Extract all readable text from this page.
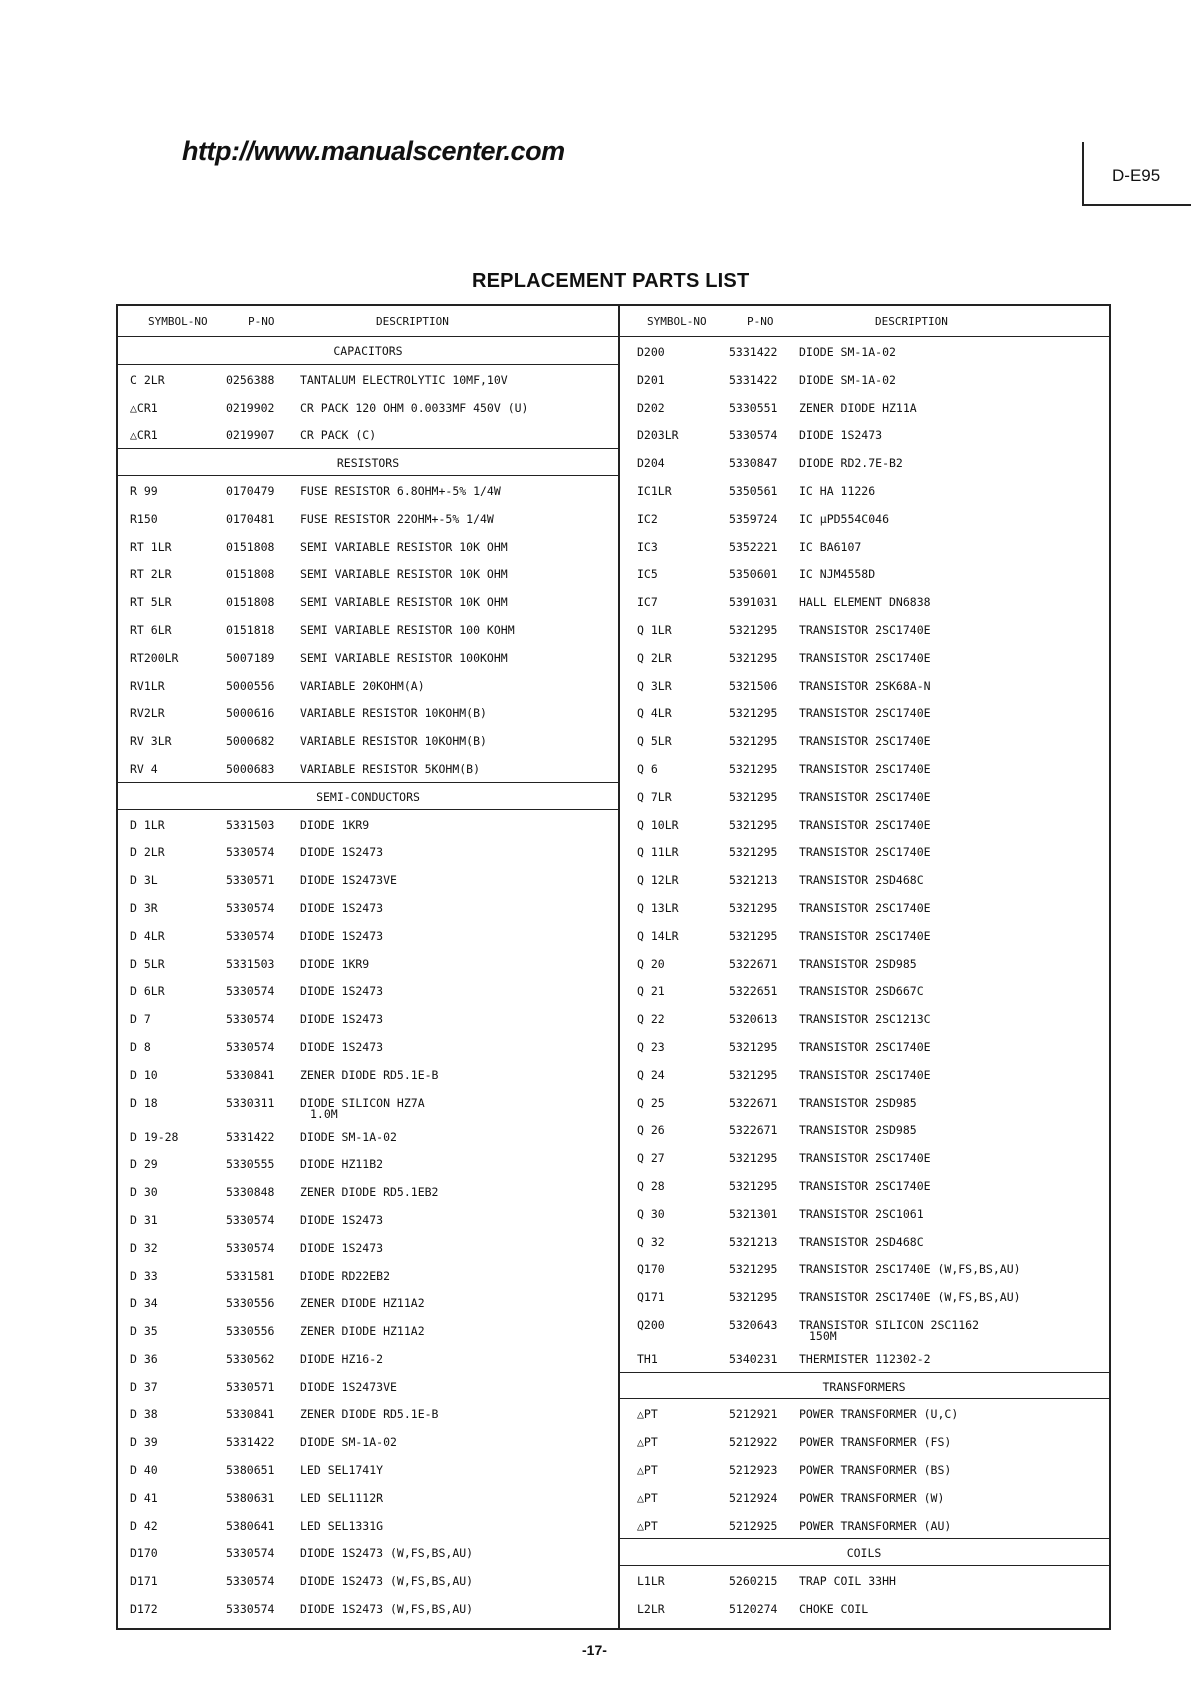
http://www.manualscenter.com
D-E95
REPLACEMENT PARTS LIST
SYMBOL-NO	P-NO	DESCRIPTION
CAPACITORS
C 2LR	0256388 TANTALUM ELECTROLYTIC 10MF,10V
△CR1	0219902 CR PACK 120 OHM 0.0033MF 450V (U)
△CR1	0219907 CR PACK (C)
RESISTORS
R 99	0170479 FUSE RESISTOR 6.8OHM+-5% 1/4W
R150	0170481 FUSE RESISTOR 22OHM+-5% 1/4W
RT 1LR	0151808 SEMI VARIABLE RESISTOR 10K OHM
RT 2LR	0151808 SEMI VARIABLE RESISTOR 10K OHM
RT 5LR	0151808 SEMI VARIABLE RESISTOR 10K OHM
RT 6LR	0151818 SEMI VARIABLE RESISTOR 100 KOHM
RT200LR	5007189 SEMI VARIABLE RESISTOR 100KOHM
RV1LR	5000556 VARIABLE 20KOHM(A)
RV2LR	5000616 VARIABLE RESISTOR 10KOHM(B)
RV 3LR	5000682 VARIABLE RESISTOR 10KOHM(B)
RV 4	5000683 VARIABLE RESISTOR 5KOHM(B)
SEMI-CONDUCTORS
D 1LR	5331503 DIODE 1KR9
D 2LR	5330574 DIODE 1S2473
D 3L	5330571 DIODE 1S2473VE
D 3R	5330574 DIODE 1S2473
D 4LR	5330574 DIODE 1S2473
D 5LR	5331503 DIODE 1KR9
D 6LR	5330574 DIODE 1S2473
D 7	5330574 DIODE 1S2473
D 8	5330574 DIODE 1S2473
D 10	5330841 ZENER DIODE RD5.1E-B
D 18	5330311 DIODE SILICON HZ7A
1.0M
D 19-28	5331422 DIODE SM-1A-02
D 29	5330555 DIODE HZ11B2
D 30	5330848 ZENER DIODE RD5.1EB2
D 31	5330574 DIODE 1S2473
D 32	5330574 DIODE 1S2473
D 33	5331581 DIODE RD22EB2
D 34	5330556 ZENER DIODE HZ11A2
D 35	5330556 ZENER DIODE HZ11A2
D 36	5330562 DIODE HZ16-2
D 37	5330571 DIODE 1S2473VE
D 38	5330841 ZENER DIODE RD5.1E-B
D 39	5331422 DIODE SM-1A-02
D 40	5380651 LED SEL1741Y
D 41	5380631 LED SEL1112R
D 42	5380641 LED SEL1331G
D170	5330574 DIODE 1S2473 (W,FS,BS,AU)
D171	5330574 DIODE 1S2473 (W,FS,BS,AU)
D172	5330574 DIODE 1S2473 (W,FS,BS,AU)
SYMBOL-NO	P-NO	DESCRIPTION
D200	5331422 DIODE SM-1A-02
D201	5331422 DIODE SM-1A-02
D202	5330551 ZENER DIODE HZ11A
D203LR	5330574 DIODE 1S2473
D204	5330847 DIODE RD2.7E-B2
IC1LR	5350561 IC HA 11226
IC2	5359724 IC μPD554C046
IC3	5352221 IC BA6107
IC5	5350601 IC NJM4558D
IC7	5391031 HALL ELEMENT DN6838
Q 1LR	5321295 TRANSISTOR 2SC1740E
Q 2LR	5321295 TRANSISTOR 2SC1740E
Q 3LR	5321506 TRANSISTOR 2SK68A-N
Q 4LR	5321295 TRANSISTOR 2SC1740E
Q 5LR	5321295 TRANSISTOR 2SC1740E
Q 6	5321295 TRANSISTOR 2SC1740E
Q 7LR	5321295 TRANSISTOR 2SC1740E
Q 10LR	5321295 TRANSISTOR 2SC1740E
Q 11LR	5321295 TRANSISTOR 2SC1740E
Q 12LR	5321213 TRANSISTOR 2SD468C
Q 13LR	5321295 TRANSISTOR 2SC1740E
Q 14LR	5321295 TRANSISTOR 2SC1740E
Q 20	5322671 TRANSISTOR 2SD985
Q 21	5322651 TRANSISTOR 2SD667C
Q 22	5320613 TRANSISTOR 2SC1213C
Q 23	5321295 TRANSISTOR 2SC1740E
Q 24	5321295 TRANSISTOR 2SC1740E
Q 25	5322671 TRANSISTOR 2SD985
Q 26	5322671 TRANSISTOR 2SD985
Q 27	5321295 TRANSISTOR 2SC1740E
Q 28	5321295 TRANSISTOR 2SC1740E
Q 30	5321301 TRANSISTOR 2SC1061
Q 32	5321213 TRANSISTOR 2SD468C
Q170	5321295 TRANSISTOR 2SC1740E (W,FS,BS,AU)
Q171	5321295 TRANSISTOR 2SC1740E (W,FS,BS,AU)
Q200	5320643 TRANSISTOR SILICON 2SC1162
150M
TH1	5340231 THERMISTER 112302-2
TRANSFORMERS
△PT	5212921 POWER TRANSFORMER (U,C)
△PT	5212922 POWER TRANSFORMER (FS)
△PT	5212923 POWER TRANSFORMER (BS)
△PT	5212924 POWER TRANSFORMER (W)
△PT	5212925 POWER TRANSFORMER (AU)
COILS
L1LR	5260215 TRAP COIL 33HH
L2LR	5120274 CHOKE COIL
-17-
